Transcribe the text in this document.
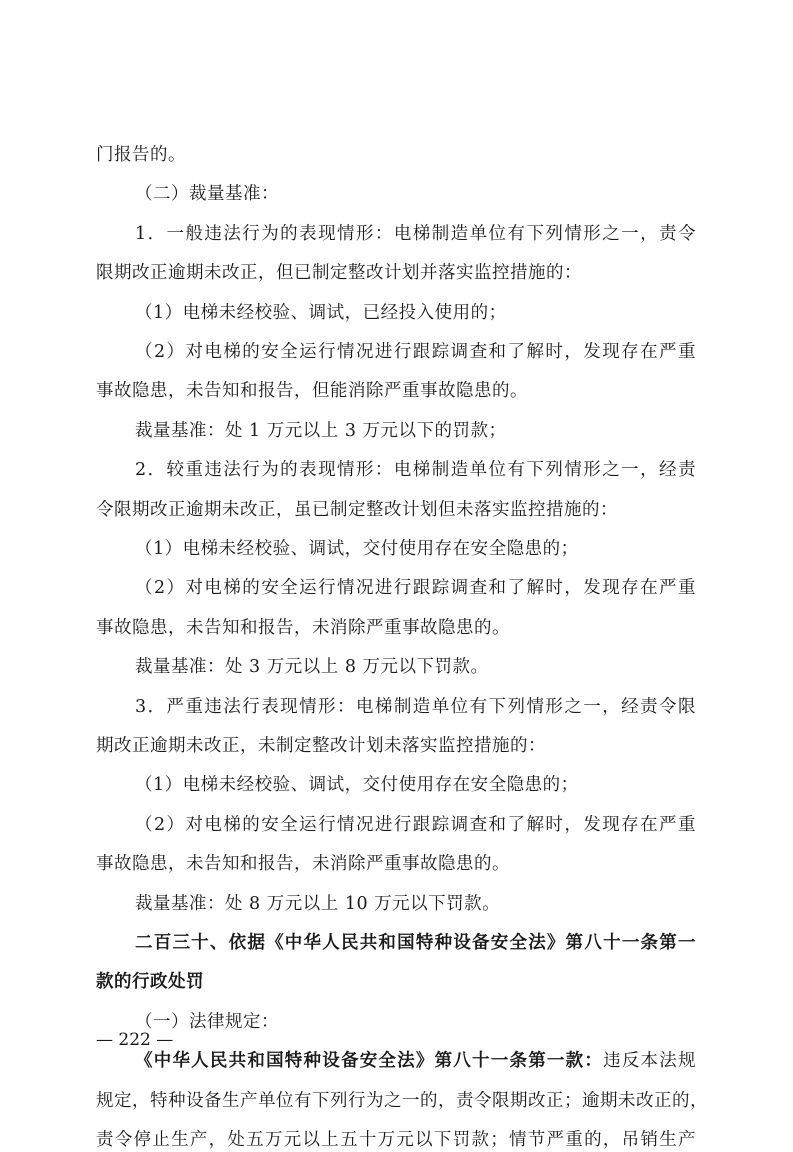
门报告的。
（二）裁量基准：
1．一般违法行为的表现情形：电梯制造单位有下列情形之一，责令
限期改正逾期未改正，但已制定整改计划并落实监控措施的：
（1）电梯未经校验、调试，已经投入使用的；
（2）对电梯的安全运行情况进行跟踪调查和了解时，发现存在严重
事故隐患，未告知和报告，但能消除严重事故隐患的。
裁量基准：处 1 万元以上 3 万元以下的罚款；
2．较重违法行为的表现情形：电梯制造单位有下列情形之一，经责
令限期改正逾期未改正，虽已制定整改计划但未落实监控措施的：
（1）电梯未经校验、调试，交付使用存在安全隐患的；
（2）对电梯的安全运行情况进行跟踪调查和了解时，发现存在严重
事故隐患，未告知和报告，未消除严重事故隐患的。
裁量基准：处 3 万元以上 8 万元以下罚款。
3．严重违法行表现情形：电梯制造单位有下列情形之一，经责令限
期改正逾期未改正，未制定整改计划未落实监控措施的：
（1）电梯未经校验、调试，交付使用存在安全隐患的；
（2）对电梯的安全运行情况进行跟踪调查和了解时，发现存在严重
事故隐患，未告知和报告，未消除严重事故隐患的。
裁量基准：处 8 万元以上 10 万元以下罚款。
二百三十、依据《中华人民共和国特种设备安全法》第八十一条第一
款的行政处罚
《中华人民共和国特种设备安全法》第八十一条第一款：违反本法规
（一）法律规定：
规定，特种设备生产单位有下列行为之一的，责令限期改正；逾期未改正的，
责令停止生产，处五万元以上五十万元以下罚款；情节严重的，吊销生产
— 222 —
